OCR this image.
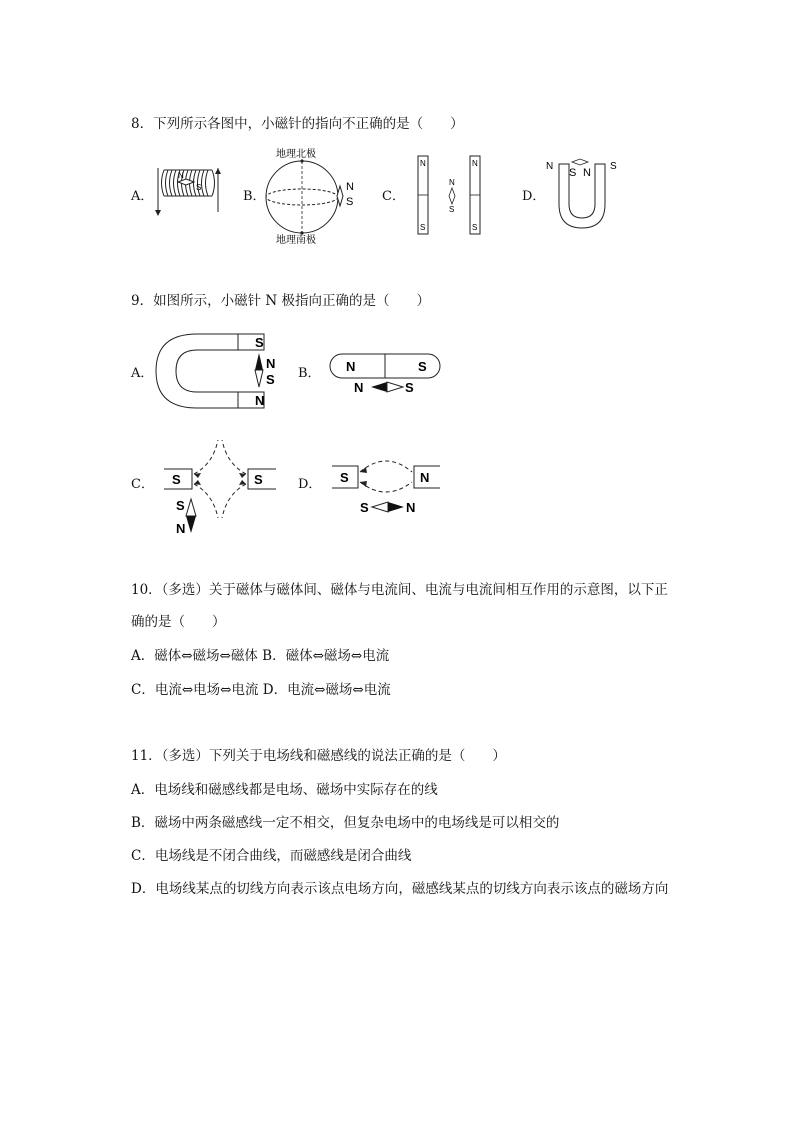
8．下列所示各图中，小磁针的指向不正确的是（　　）
A．
N
S
B．
地理北极
地理南极
N
S C．
N
S
N
S
N
S
D．
N	S
S N
9．如图所示，小磁针 N 极指向正确的是（　　）
A．
S
N
N
S B． N	S
N	S
C． S	S
S
N
D． S	N
S	N
10．（多选）关于磁体与磁体间、磁体与电流间、电流与电流间相互作用的示意图，以下正
确的是（　　）
A．磁体⇔磁场⇔磁体 B．磁体⇔磁场⇔电流
C．电流⇔电场⇔电流 D．电流⇔磁场⇔电流
11．（多选）下列关于电场线和磁感线的说法正确的是（　　）
A．电场线和磁感线都是电场、磁场中实际存在的线
B．磁场中两条磁感线一定不相交，但复杂电场中的电场线是可以相交的
C．电场线是不闭合曲线，而磁感线是闭合曲线
D．电场线某点的切线方向表示该点电场方向，磁感线某点的切线方向表示该点的磁场方向
